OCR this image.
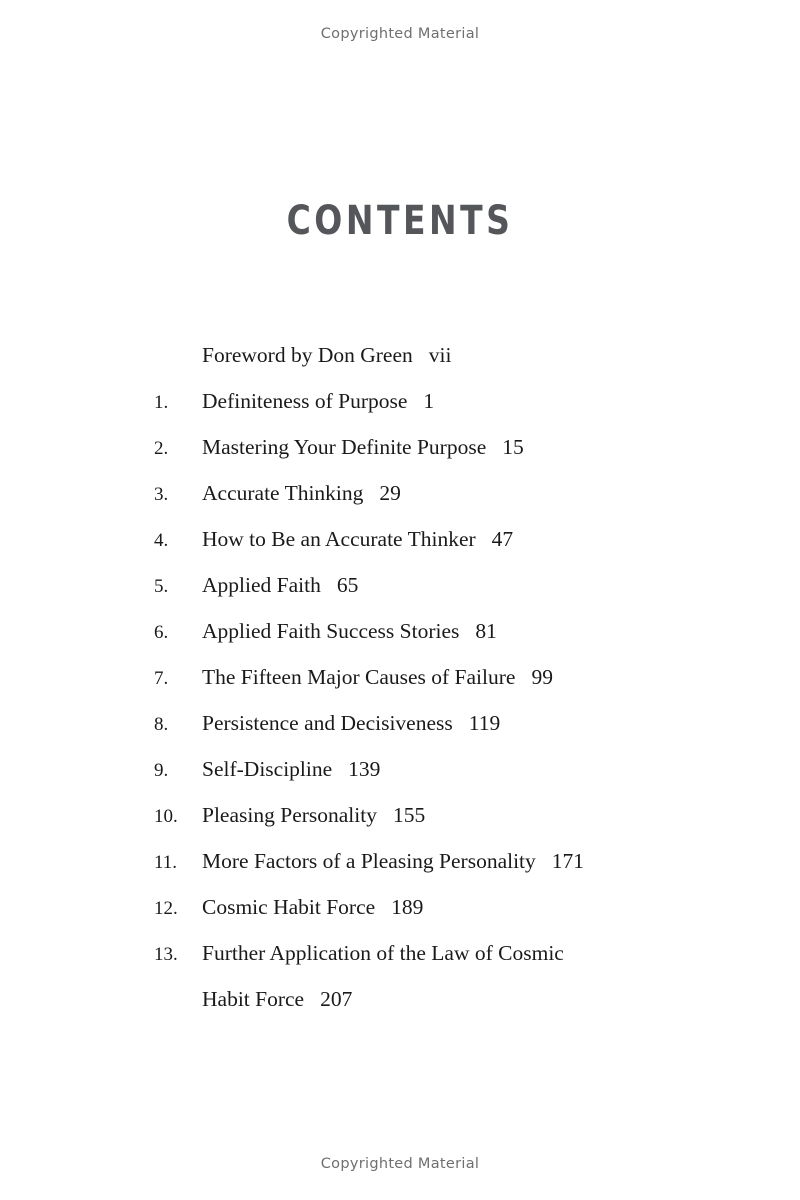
Copyrighted Material
CONTENTS
Foreword by Don Green vii
1.	Definiteness of Purpose 1
2.	Mastering Your Definite Purpose 15
3.	Accurate Thinking 29
4.	How to Be an Accurate Thinker 47
5.	Applied Faith 65
6.	Applied Faith Success Stories 81
7.	The Fifteen Major Causes of Failure 99
8.	Persistence and Decisiveness 119
9.	Self-Discipline 139
10.	Pleasing Personality 155
11.	More Factors of a Pleasing Personality 171
12.	Cosmic Habit Force 189
13.	Further Application of the Law of Cosmic
Habit Force 207
Copyrighted Material
